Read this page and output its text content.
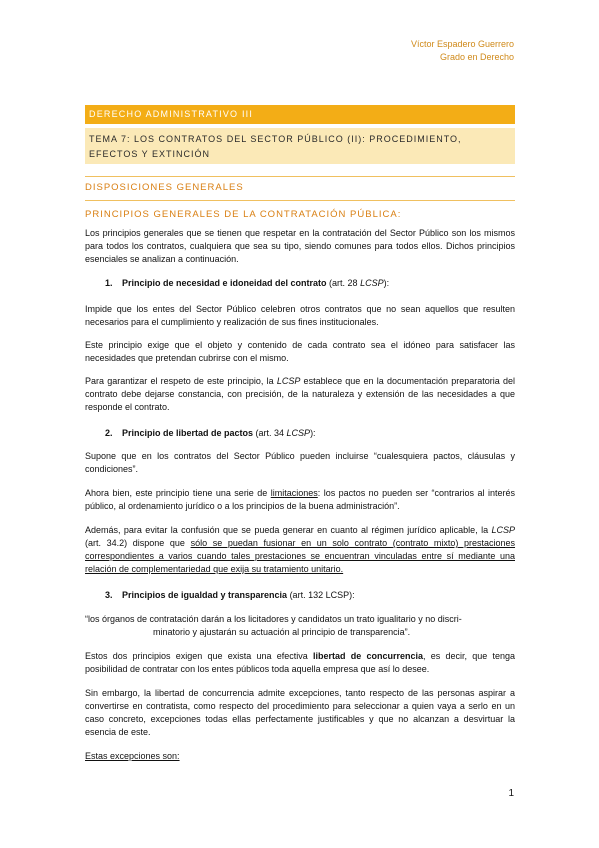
Víctor Espadero Guerrero
Grado en Derecho
DERECHO ADMINISTRATIVO III
TEMA 7: LOS CONTRATOS DEL SECTOR PÚBLICO (II): PROCEDIMIENTO, EFECTOS Y EXTINCIÓN
DISPOSICIONES GENERALES
PRINCIPIOS GENERALES DE LA CONTRATACIÓN PÚBLICA:

Los principios generales que se tienen que respetar en la contratación del Sector Público son los mismos para todos los contratos, cualquiera que sea su tipo, siendo comunes para todos ellos. Dichos principios esenciales se analizan a continuación.

1. Principio de necesidad e idoneidad del contrato (art. 28 LCSP):

Impide que los entes del Sector Público celebren otros contratos que no sean aquellos que resulten necesarios para el cumplimiento y realización de sus fines institucionales.

Este principio exige que el objeto y contenido de cada contrato sea el idóneo para satisfacer las necesidades que pretendan cubrirse con el mismo.

Para garantizar el respeto de este principio, la LCSP establece que en la documentación preparatoria del contrato debe dejarse constancia, con precisión, de la naturaleza y extensión de las necesidades a que responde el contrato.

2. Principio de libertad de pactos (art. 34 LCSP):

Supone que en los contratos del Sector Público pueden incluirse “cualesquiera pactos, cláusulas y condiciones”.

Ahora bien, este principio tiene una serie de limitaciones: los pactos no pueden ser “contrarios al interés público, al ordenamiento jurídico o a los principios de la buena administración”.

Además, para evitar la confusión que se pueda generar en cuanto al régimen jurídico aplicable, la LCSP (art. 34.2) dispone que sólo se puedan fusionar en un solo contrato (contrato mixto) prestaciones correspondientes a varios cuando tales prestaciones se encuentran vinculadas entre sí mediante una relación de complementariedad que exija su tratamiento unitario.

3. Principios de igualdad y transparencia (art. 132 LCSP):
“los órganos de contratación darán a los licitadores y candidatos un trato igualitario y no discri-
minatorio y ajustarán su actuación al principio de transparencia”.

Estos dos principios exigen que exista una efectiva libertad de concurrencia, es decir, que tenga posibilidad de contratar con los entes públicos toda aquella empresa que así lo desee.

Sin embargo, la libertad de concurrencia admite excepciones, tanto respecto de las personas aspirar a convertirse en contratista, como respecto del procedimiento para seleccionar a quien vaya a serlo en un caso concreto, excepciones todas ellas perfectamente justificables y que no alcanzan a desvirtuar la esencia de este.

Estas excepciones son:
1
